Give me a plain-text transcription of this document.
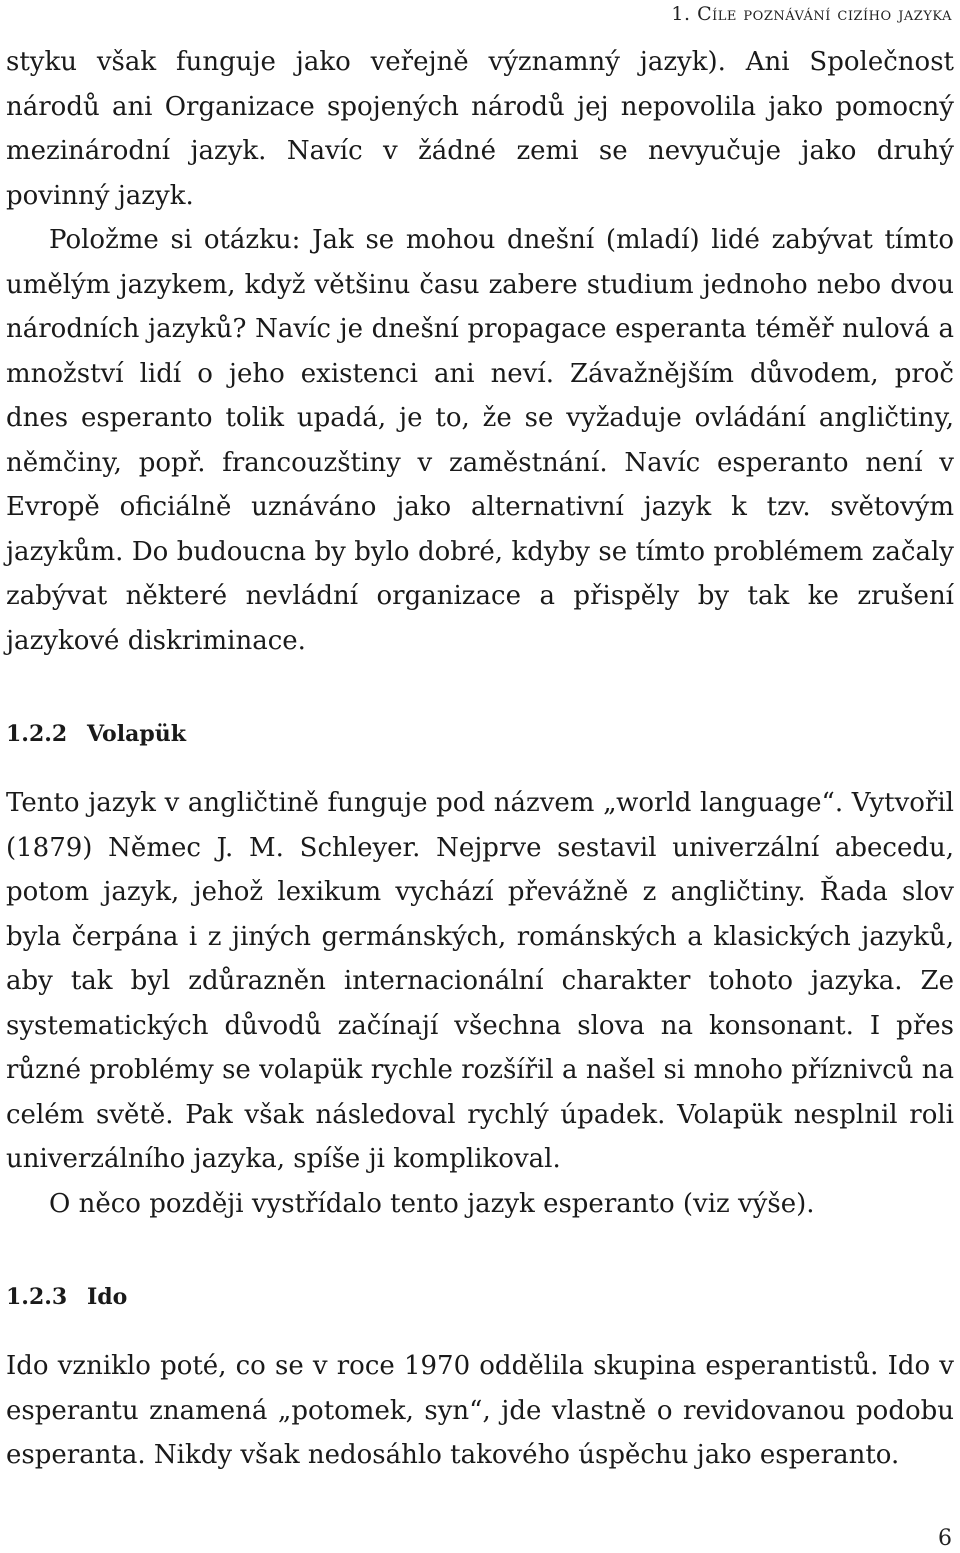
1. Cíle poznávání cizího jazyka

styku však funguje jako veřejně významný jazyk). Ani Společnost národů ani Organizace spojených národů jej nepovolila jako pomocný mezinárodní jazyk. Navíc v žádné zemi se nevyučuje jako druhý povinný jazyk.

Položme si otázku: Jak se mohou dnešní (mladí) lidé zabývat tímto umělým jazykem, když většinu času zabere studium jednoho nebo dvou národních jazyků? Navíc je dnešní propagace esperanta téměř nulová a množství lidí o jeho existenci ani neví. Závažnějším důvodem, proč dnes esperanto tolik upadá, je to, že se vyžaduje ovládání angličtiny, němčiny, popř. francouzštiny v zaměstnání. Navíc esperanto není v Evropě oficiálně uznáváno jako alternativní jazyk k tzv. světovým jazykům. Do budoucna by bylo dobré, kdyby se tímto problémem začaly zabývat některé nevládní organizace a přispěly by tak ke zrušení jazykové diskriminace.

1.2.2 Volapük

Tento jazyk v angličtině funguje pod názvem „world language“. Vytvořil (1879) Němec J. M. Schleyer. Nejprve sestavil univerzální abecedu, potom jazyk, jehož lexikum vychází převážně z angličtiny. Řada slov byla čerpána i z jiných germánských, románských a klasických jazyků, aby tak byl zdůrazněn internacionální charakter tohoto jazyka. Ze systematických důvodů začínají všechna slova na konsonant. I přes různé problémy se volapük rychle rozšířil a našel si mnoho příznivců na celém světě. Pak však následoval rychlý úpadek. Volapük nesplnil roli univerzálního jazyka, spíše ji komplikoval.

O něco později vystřídalo tento jazyk esperanto (viz výše).

1.2.3 Ido

Ido vzniklo poté, co se v roce 1970 oddělila skupina esperantistů. Ido v esperantu znamená „potomek, syn“, jde vlastně o revidovanou podobu esperanta. Nikdy však nedosáhlo takového úspěchu jako esperanto.

6
